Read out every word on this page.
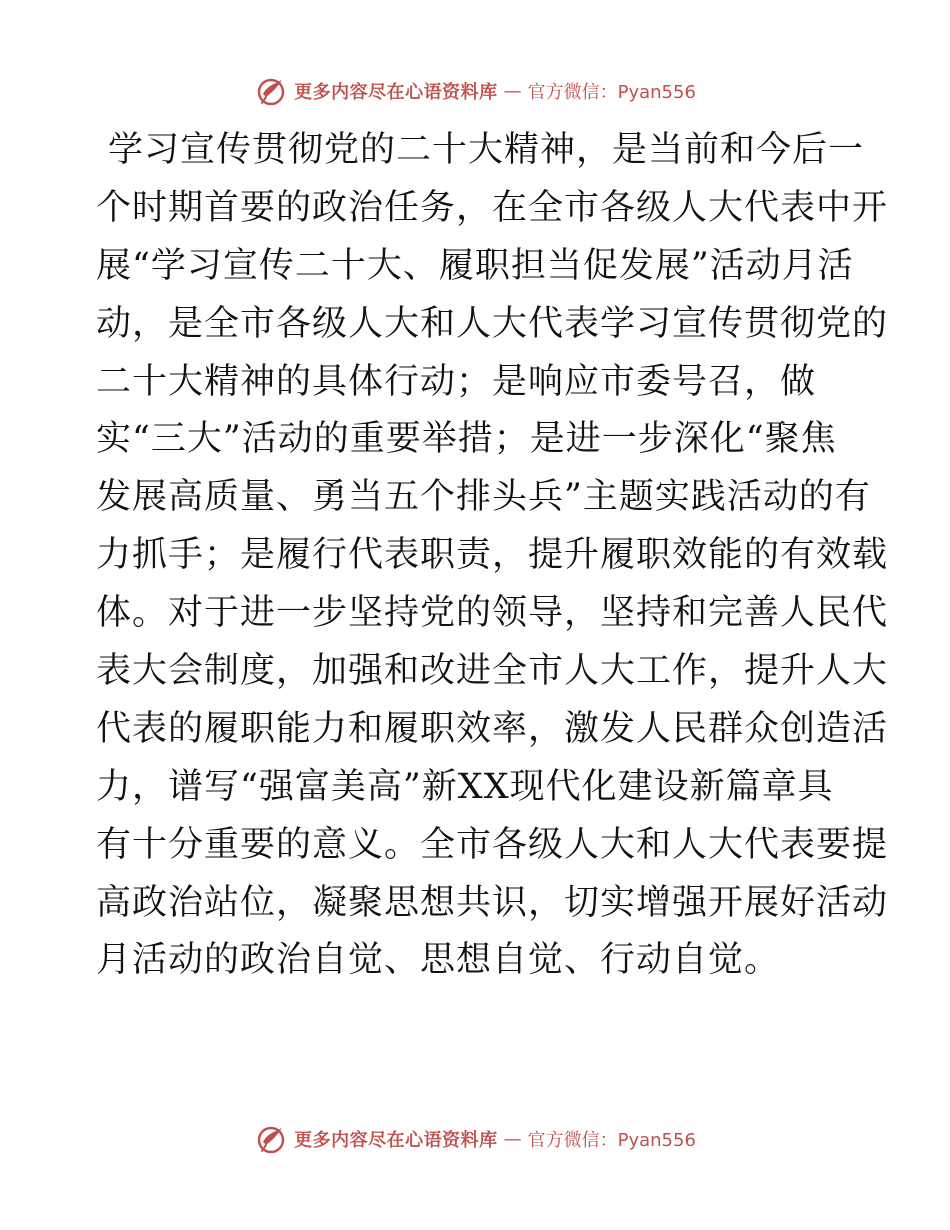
更多内容尽在心语资料库 — 官方微信：Pyan556
学习宣传贯彻党的二十大精神，是当前和今后一
个时期首要的政治任务，在全市各级人大代表中开
展“学习宣传二十大、履职担当促发展”活动月活
动，是全市各级人大和人大代表学习宣传贯彻党的
二十大精神的具体行动；是响应市委号召，做
实“三大”活动的重要举措；是进一步深化“聚焦
发展高质量、勇当五个排头兵”主题实践活动的有
力抓手；是履行代表职责，提升履职效能的有效载
体。对于进一步坚持党的领导，坚持和完善人民代
表大会制度，加强和改进全市人大工作，提升人大
代表的履职能力和履职效率，激发人民群众创造活
力，谱写“强富美高”新XX现代化建设新篇章具
有十分重要的意义。全市各级人大和人大代表要提
高政治站位，凝聚思想共识，切实增强开展好活动
月活动的政治自觉、思想自觉、行动自觉。
更多内容尽在心语资料库 — 官方微信：Pyan556
